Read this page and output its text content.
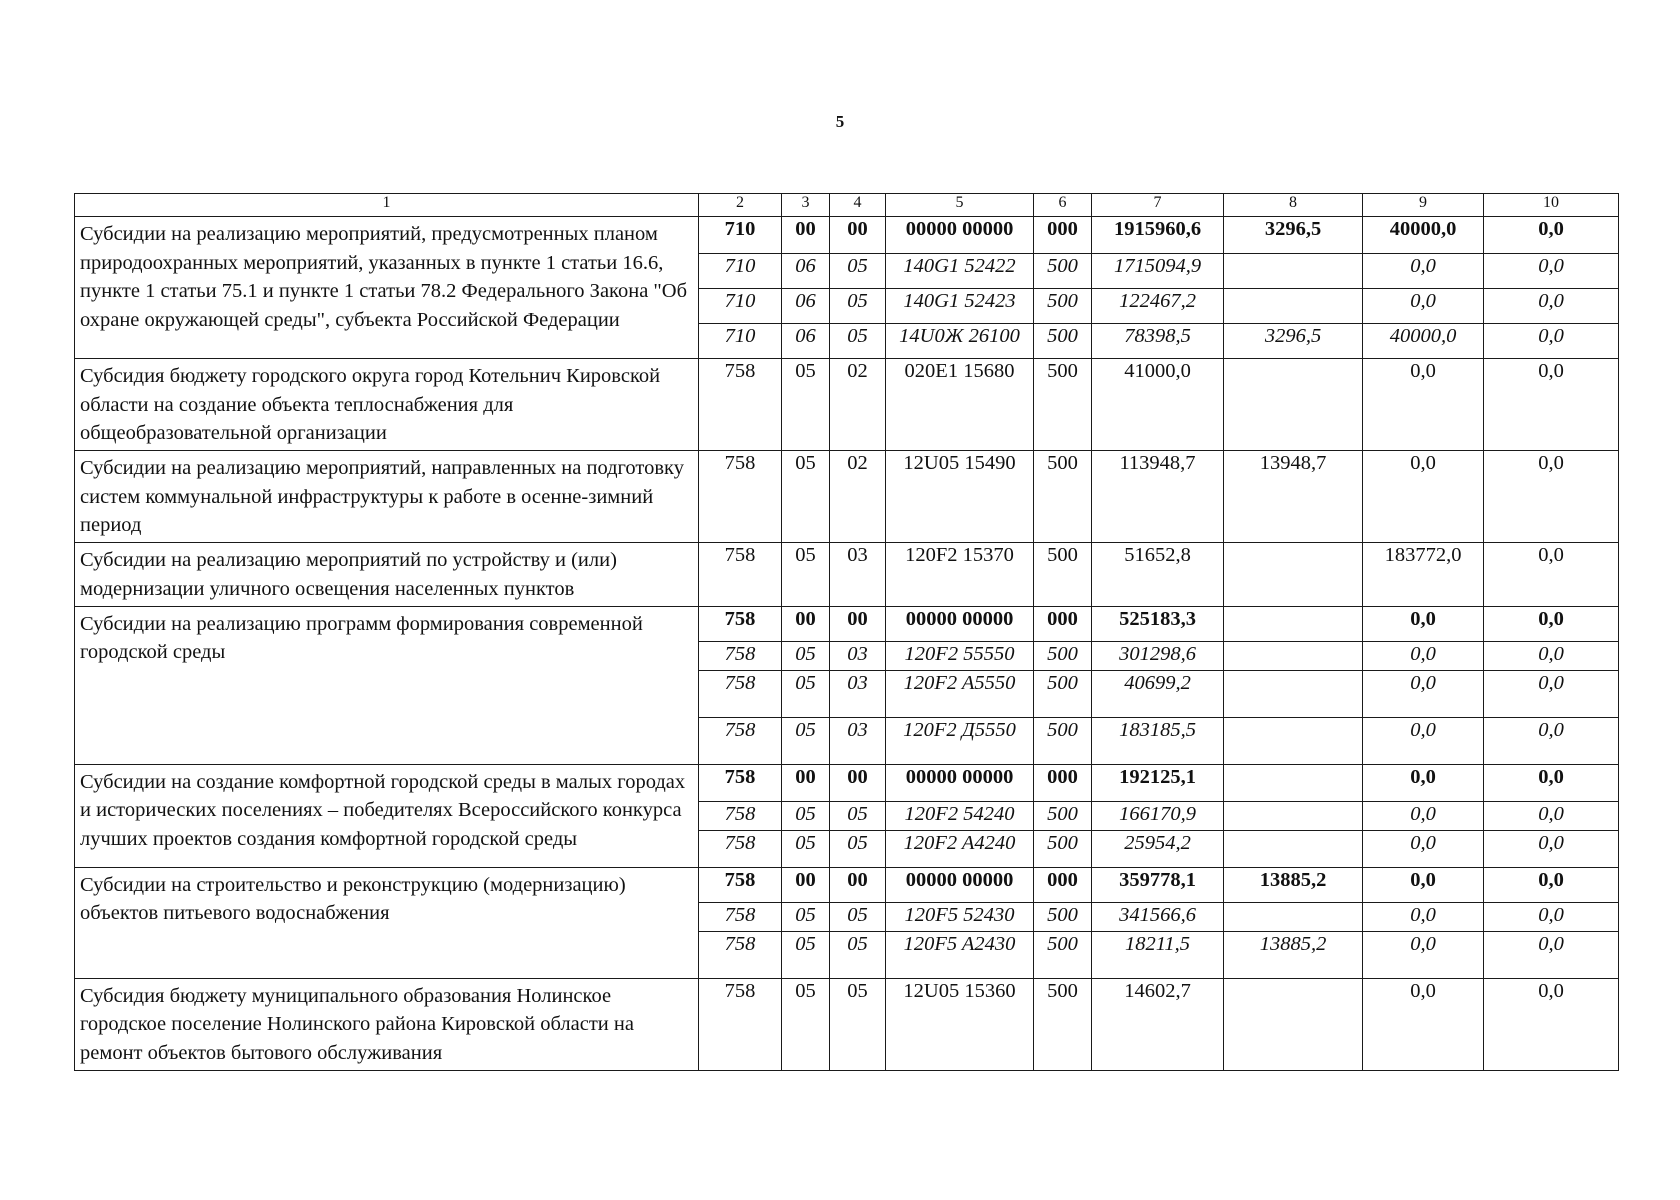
5
1	2	3	4	5	6	7	8	9	10
Субсидии на реализацию мероприятий, предусмотренных планом природоохранных мероприятий, указанных в пункте 1 статьи 16.6, пункте 1 статьи 75.1 и пункте 1 статьи 78.2 Федерального Закона "Об охране окружающей среды", субъекта Российской Федерации	710	00	00	00000 00000	000	1915960,6	3296,5	40000,0	0,0
	710	06	05	140G1 52422	500	1715094,9		0,0	0,0
	710	06	05	140G1 52423	500	122467,2		0,0	0,0
	710	06	05	14U0Ж 26100	500	78398,5	3296,5	40000,0	0,0
Субсидия бюджету городского округа город Котельнич Кировской области на создание объекта теплоснабжения для общеобразовательной организации	758	05	02	020E1 15680	500	41000,0		0,0	0,0
Субсидии на реализацию мероприятий, направленных на подготовку систем коммунальной инфраструктуры к работе в осенне-зимний период	758	05	02	12U05 15490	500	113948,7	13948,7	0,0	0,0
Субсидии на реализацию мероприятий по устройству и (или) модернизации уличного освещения населенных пунктов	758	05	03	120F2 15370	500	51652,8		183772,0	0,0
Субсидии на реализацию программ формирования современной городской среды	758	00	00	00000 00000	000	525183,3		0,0	0,0
	758	05	03	120F2 55550	500	301298,6		0,0	0,0
	758	05	03	120F2 A5550	500	40699,2		0,0	0,0
	758	05	03	120F2 Д5550	500	183185,5		0,0	0,0
Субсидии на создание комфортной городской среды в малых городах и исторических поселениях – победителях Всероссийского конкурса лучших проектов создания комфортной городской среды	758	00	00	00000 00000	000	192125,1		0,0	0,0
	758	05	05	120F2 54240	500	166170,9		0,0	0,0
	758	05	05	120F2 A4240	500	25954,2		0,0	0,0
Субсидии на строительство и реконструкцию (модернизацию) объектов питьевого водоснабжения	758	00	00	00000 00000	000	359778,1	13885,2	0,0	0,0
	758	05	05	120F5 52430	500	341566,6		0,0	0,0
	758	05	05	120F5 A2430	500	18211,5	13885,2	0,0	0,0
Субсидия бюджету муниципального образования Нолинское городское поселение Нолинского района Кировской области на ремонт объектов бытового обслуживания	758	05	05	12U05 15360	500	14602,7		0,0	0,0
